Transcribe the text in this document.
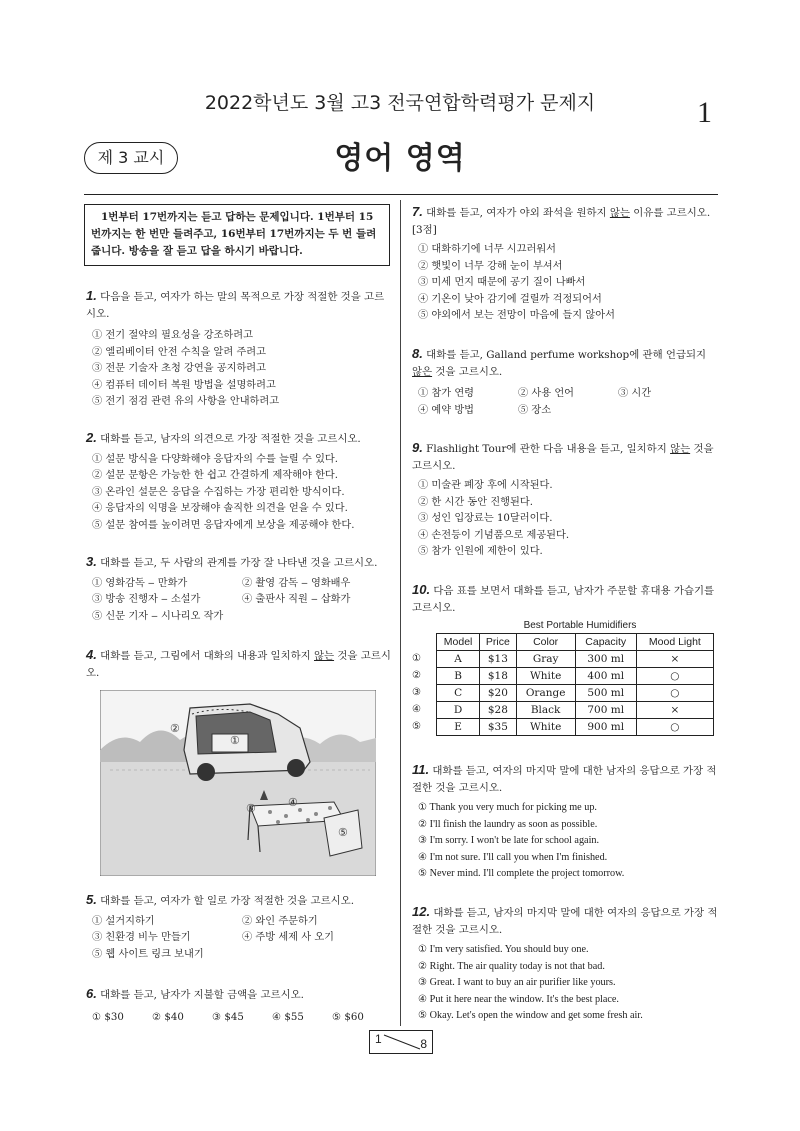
2022학년도 3월 고3 전국연합학력평가 문제지	1
제 3 교시	영어 영역
1번부터 17번까지는 듣고 답하는 문제입니다. 1번부터 15번까지는 한 번만 들려주고, 16번부터 17번까지는 두 번 들려줍니다. 방송을 잘 듣고 답을 하시기 바랍니다.
1. 다음을 듣고, 여자가 하는 말의 목적으로 가장 적절한 것을 고르시오.
① 전기 절약의 필요성을 강조하려고
② 엘리베이터 안전 수칙을 알려 주려고
③ 전문 기술자 초청 강연을 공지하려고
④ 컴퓨터 데이터 복원 방법을 설명하려고
⑤ 전기 점검 관련 유의 사항을 안내하려고
2. 대화를 듣고, 남자의 의견으로 가장 적절한 것을 고르시오.
① 설문 방식을 다양화해야 응답자의 수를 늘릴 수 있다.
② 설문 문항은 가능한 한 쉽고 간결하게 제작해야 한다.
③ 온라인 설문은 응답을 수집하는 가장 편리한 방식이다.
④ 응답자의 익명을 보장해야 솔직한 의견을 얻을 수 있다.
⑤ 설문 참여를 높이려면 응답자에게 보상을 제공해야 한다.
3. 대화를 듣고, 두 사람의 관계를 가장 잘 나타낸 것을 고르시오.
① 영화감독 ‒ 만화가	② 촬영 감독 ‒ 영화배우
③ 방송 진행자 ‒ 소설가	④ 출판사 직원 ‒ 삽화가
⑤ 신문 기자 ‒ 시나리오 작가
4. 대화를 듣고, 그림에서 대화의 내용과 일치하지 않는 것을 고르시오.
②
①
④
③
⑤
5. 대화를 듣고, 여자가 할 일로 가장 적절한 것을 고르시오.
① 설거지하기	② 와인 주문하기
③ 친환경 비누 만들기	④ 주방 세제 사 오기
⑤ 웹 사이트 링크 보내기
6. 대화를 듣고, 남자가 지불할 금액을 고르시오.
① $30	② $40	③ $45	④ $55	⑤ $60
7. 대화를 듣고, 여자가 야외 좌석을 원하지 않는 이유를 고르시오. [3점]
① 대화하기에 너무 시끄러워서
② 햇빛이 너무 강해 눈이 부셔서
③ 미세 먼지 때문에 공기 질이 나빠서
④ 기온이 낮아 감기에 걸릴까 걱정되어서
⑤ 야외에서 보는 전망이 마음에 들지 않아서
8. 대화를 듣고, Galland perfume workshop에 관해 언급되지 않은 것을 고르시오.
① 참가 연령	② 사용 언어	③ 시간
④ 예약 방법	⑤ 장소
9. Flashlight Tour에 관한 다음 내용을 듣고, 일치하지 않는 것을 고르시오.
① 미술관 폐장 후에 시작된다.
② 한 시간 동안 진행된다.
③ 성인 입장료는 10달러이다.
④ 손전등이 기념품으로 제공된다.
⑤ 참가 인원에 제한이 있다.
10. 다음 표를 보면서 대화를 듣고, 남자가 주문할 휴대용 가습기를 고르시오.
Best Portable Humidifiers
①
②
③
④
⑤
Model	Price	Color	Capacity	Mood Light
A	$13	Gray	300 ml	×
B	$18	White	400 ml	○
C	$20	Orange	500 ml	○
D	$28	Black	700 ml	×
E	$35	White	900 ml	○
11. 대화를 듣고, 여자의 마지막 말에 대한 남자의 응답으로 가장 적절한 것을 고르시오.
① Thank you very much for picking me up.
② I'll finish the laundry as soon as possible.
③ I'm sorry. I won't be late for school again.
④ I'm not sure. I'll call you when I'm finished.
⑤ Never mind. I'll complete the project tomorrow.
12. 대화를 듣고, 남자의 마지막 말에 대한 여자의 응답으로 가장 적절한 것을 고르시오.
① I'm very satisfied. You should buy one.
② Right. The air quality today is not that bad.
③ Great. I want to buy an air purifier like yours.
④ Put it here near the window. It's the best place.
⑤ Okay. Let's open the window and get some fresh air.
1	8
